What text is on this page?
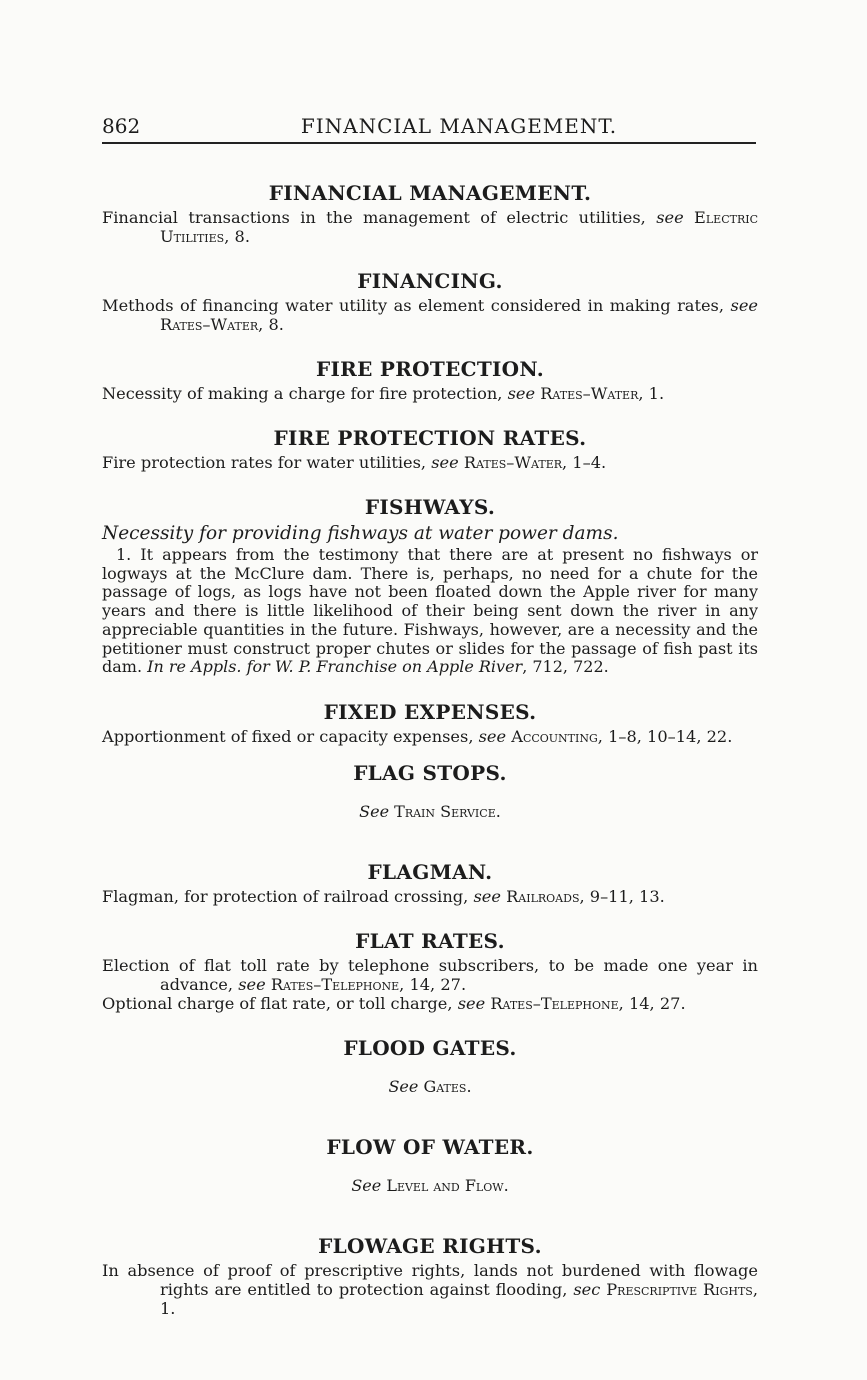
862	FINANCIAL MANAGEMENT.

FINANCIAL MANAGEMENT.

Financial transactions in the management of electric utilities, see Electric Utilities, 8.

FINANCING.

Methods of financing water utility as element considered in making rates, see Rates–Water, 8.

FIRE PROTECTION.

Necessity of making a charge for fire protection, see Rates–Water, 1.

FIRE PROTECTION RATES.

Fire protection rates for water utilities, see Rates–Water, 1–4.

FISHWAYS.

Necessity for providing fishways at water power dams.

1. It appears from the testimony that there are at present no fishways or logways at the McClure dam. There is, perhaps, no need for a chute for the passage of logs, as logs have not been floated down the Apple river for many years and there is little likelihood of their being sent down the river in any appreciable quantities in the future. Fishways, however, are a necessity and the petitioner must construct proper chutes or slides for the passage of fish past its dam. In re Appls. for W. P. Franchise on Apple River, 712, 722.

FIXED EXPENSES.

Apportionment of fixed or capacity expenses, see Accounting, 1–8, 10–14, 22.

FLAG STOPS.

See Train Service.

FLAGMAN.

Flagman, for protection of railroad crossing, see Railroads, 9–11, 13.

FLAT RATES.

Election of flat toll rate by telephone subscribers, to be made one year in advance, see Rates–Telephone, 14, 27.

Optional charge of flat rate, or toll charge, see Rates–Telephone, 14, 27.

FLOOD GATES.

See Gates.

FLOW OF WATER.

See Level and Flow.

FLOWAGE RIGHTS.

In absence of proof of prescriptive rights, lands not burdened with flowage rights are entitled to protection against flooding, sec Prescriptive Rights, 1.
